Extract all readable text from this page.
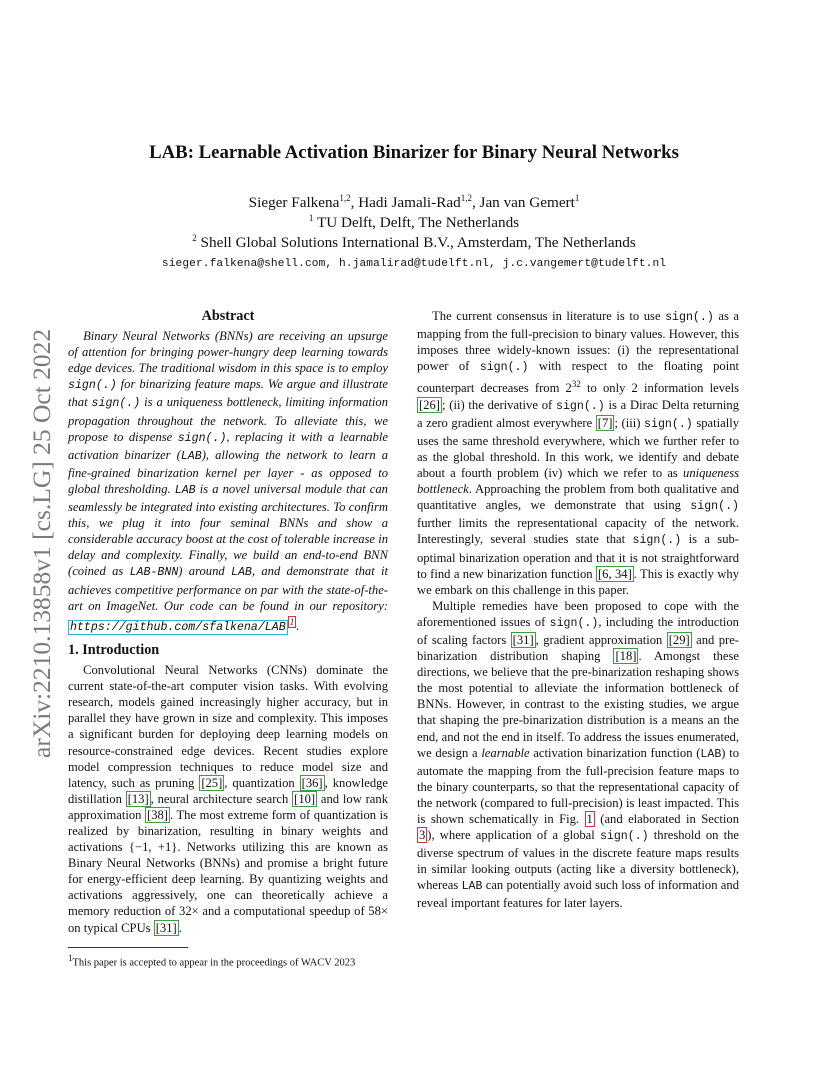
arXiv:2210.13858v1 [cs.LG] 25 Oct 2022
LAB: Learnable Activation Binarizer for Binary Neural Networks
Sieger Falkena$^{1,2}$, Hadi Jamali-Rad$^{1,2}$, Jan van Gemert$^1$
$^1$ TU Delft, Delft, The Netherlands
$^2$ Shell Global Solutions International B.V., Amsterdam, The Netherlands
sieger.falkena@shell.com, h.jamalirad@tudelft.nl, j.c.vangemert@tudelft.nl
Abstract

Binary Neural Networks (BNNs) are receiving an upsurge of attention for bringing power-hungry deep learning towards edge devices. The traditional wisdom in this space is to employ sign(.) for binarizing feature maps. We argue and illustrate that sign(.) is a uniqueness bottleneck, limiting information propagation throughout the network. To alleviate this, we propose to dispense sign(.), replacing it with a learnable activation binarizer (LAB), allowing the network to learn a fine-grained binarization kernel per layer - as opposed to global thresholding. LAB is a novel universal module that can seamlessly be integrated into existing architectures. To confirm this, we plug it into four seminal BNNs and show a considerable accuracy boost at the cost of tolerable increase in delay and complexity. Finally, we build an end-to-end BNN (coined as LAB-BNN) around LAB, and demonstrate that it achieves competitive performance on par with the state-of-the-art on ImageNet. Our code can be found in our repository: https://github.com/sfalkena/LAB $^1$ .

1. Introduction

Convolutional Neural Networks (CNNs) dominate the current state-of-the-art computer vision tasks. With evolving research, models gained increasingly higher accuracy, but in parallel they have grown in size and complexity. This imposes a significant burden for deploying deep learning models on resource-constrained edge devices. Recent studies explore model compression techniques to reduce model size and latency, such as pruning [25] , quantization [36] , knowledge distillation [13] , neural architecture search [10] and low rank approximation [38] . The most extreme form of quantization is realized by binarization, resulting in binary weights and activations {−1, +1}. Networks utilizing this are known as Binary Neural Networks (BNNs) and promise a bright future for energy-efficient deep learning. By quantizing weights and activations aggressively, one can theoretically achieve a memory reduction of 32× and a computational speedup of 58× on typical CPUs [31] .

$^1$This paper is accepted to appear in the proceedings of WACV 2023

The current consensus in literature is to use sign(.) as a mapping from the full-precision to binary values. However, this imposes three widely-known issues: (i) the representational power of sign(.) with respect to the floating point counterpart decreases from $2^{32}$ to only 2 information levels [26] ; (ii) the derivative of sign(.) is a Dirac Delta returning a zero gradient almost everywhere [7] ; (iii) sign(.) spatially uses the same threshold everywhere, which we further refer to as the global threshold. In this work, we identify and debate about a fourth problem (iv) which we refer to as uniqueness bottleneck. Approaching the problem from both qualitative and quantitative angles, we demonstrate that using sign(.) further limits the representational capacity of the network. Interestingly, several studies state that sign(.) is a sub-optimal binarization operation and that it is not straightforward to find a new binarization function [6, 34] . This is exactly why we embark on this challenge in this paper.

Multiple remedies have been proposed to cope with the aforementioned issues of sign(.), including the introduction of scaling factors [31] , gradient approximation [29] and pre-binarization distribution shaping [18] . Amongst these directions, we believe that the pre-binarization reshaping shows the most potential to alleviate the information bottleneck of BNNs. However, in contrast to the existing studies, we argue that shaping the pre-binarization distribution is a means an the end, and not the end in itself. To address the issues enumerated, we design a learnable activation binarization function (LAB) to automate the mapping from the full-precision feature maps to the binary counterparts, so that the representational capacity of the network (compared to full-precision) is least impacted. This is shown schematically in Fig. 1 (and elaborated in Section 3 ), where application of a global sign(.) threshold on the diverse spectrum of values in the discrete feature maps results in similar looking outputs (acting like a diversity bottleneck), whereas LAB can potentially avoid such loss of information and reveal important features for later layers.
